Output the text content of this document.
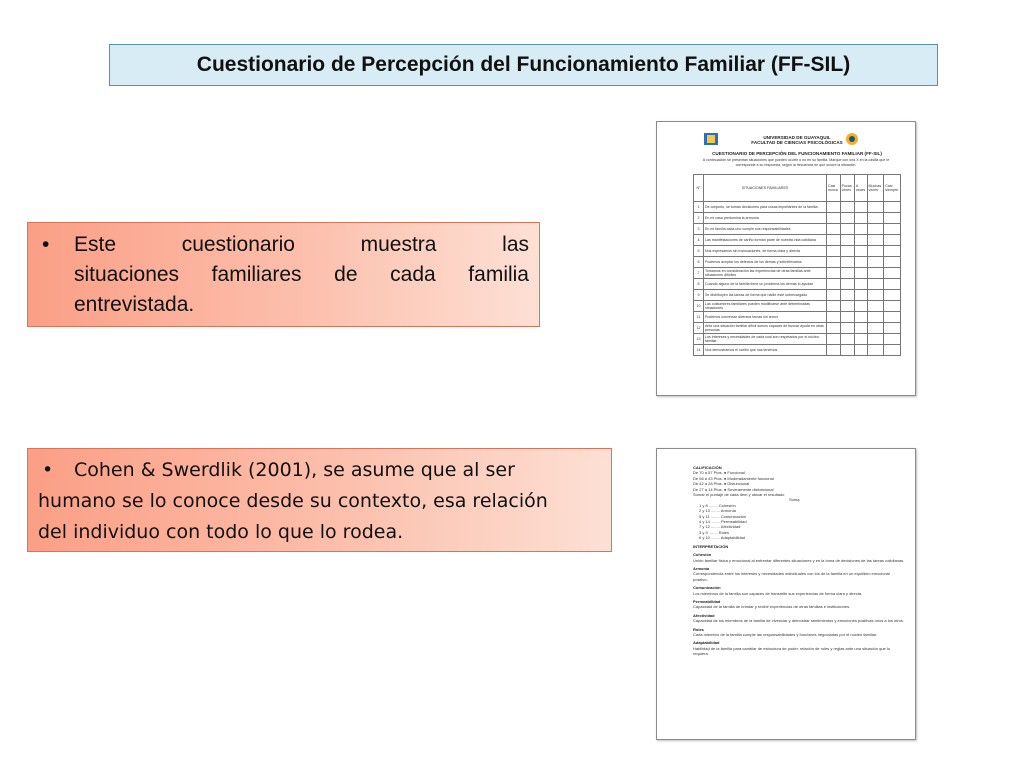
Cuestionario de Percepción del Funcionamiento Familiar (FF-SIL)
•	Este cuestionario muestra las
situaciones familiares de cada familia
entrevistada.
• Cohen & Swerdlik (2001), se asume que al ser
humano se lo conoce desde su contexto, esa relación
del individuo con todo lo que lo rodea.
UNIVERSIDAD DE GUAYAQUIL
FACULTAD DE CIENCIAS PSICOLÓGICAS
CUESTIONARIO DE PERCEPCIÓN DEL FUNCIONAMIENTO FAMILIAR (FF-SIL)
A continuación se presentan situaciones que pueden ocurrir o no en su familia. Marque con una X en la casilla que le corresponde a su respuesta, según la frecuencia en que ocurre la situación.
N°	SITUACIONES FAMILIARES	Casi nunca	Pocas veces	A veces	Muchas veces	Casi siempre
1	De conjunto, se toman decisiones para cosas importantes de la familia.					
2	En mi casa predomina la armonía					
3	En mi familia cada uno cumple sus responsabilidades					
4	Las manifestaciones de cariño forman parte de nuestra vida cotidiana					
5	Nos expresamos sin insinuaciones, de forma clara y directa					
6	Podemos aceptar los defectos de los demás y sobrellevarlos					
7	Tomamos en consideración las experiencias de otras familias ante situaciones difíciles					
8	Cuando alguno de la familia tiene un problema los demás lo ayudan					
9	Se distribuyen las tareas de forma que nadie esté sobrecargado					
10	Las costumbres familiares pueden modificarse ante determinadas situaciones					
11	Podemos conversar diversos temas sin temor					
12	Ante una situación familiar difícil somos capaces de buscar ayuda en otras personas					
13	Los intereses y necesidades de cada cual son respetados por el núcleo familiar					
14	Nos demostramos el cariño que nos tenemos					
CALIFICACIÓN
De 70 a 57 Ptos. ● Funcional
De 56 a 43 Ptos. ● Moderadamente funcional
De 42 a 28 Ptos. ● Disfuncional
De 27 a 14 Ptos. ● Severamente disfuncional
Sumar el puntaje de cada ítem y ubicar el resultado
Suma
1 y 8 ........ Cohesión
2 y 13 ........ Armonía
5 y 11 ........ Comunicación
4 y 14 ........ Permeabilidad
7 y 12 ........ Afectividad
3 y 9 ........ Roles
6 y 10 ........ Adaptabilidad
INTERPRETACIÓN
Cohesión
Unión familiar física y emocional al enfrentar diferentes situaciones y en la toma de decisiones de las tareas cotidianas.
Armonía
Correspondencia entre los intereses y necesidades individuales con los de la familia en un equilibrio emocional positivo.
Comunicación
Los miembros de la familia son capaces de transmitir sus experiencias de forma clara y directa.
Permeabilidad
Capacidad de la familia de brindar y recibir experiencias de otras familias e instituciones.
Afectividad
Capacidad de los miembros de la familia de vivenciar y demostrar sentimientos y emociones positivas unos a los otros.
Roles
Cada miembro de la familia cumple las responsabilidades y funciones negociadas por el núcleo familiar.
Adaptabilidad
Habilidad de la familia para cambiar de estructura de poder, relación de roles y reglas ante una situación que lo requiera.
